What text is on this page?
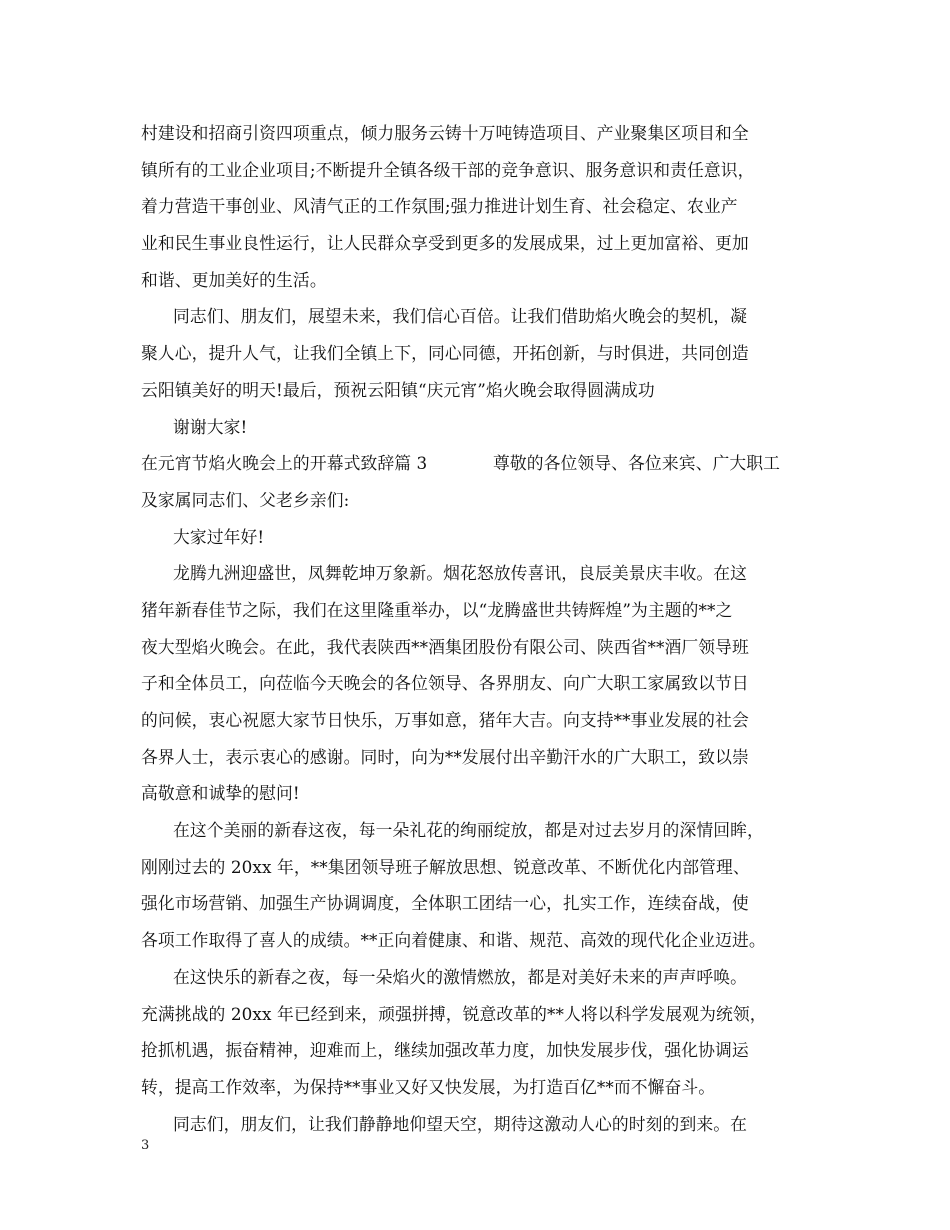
村建设和招商引资四项重点，倾力服务云铸十万吨铸造项目、产业聚集区项目和全
镇所有的工业企业项目;不断提升全镇各级干部的竞争意识、服务意识和责任意识，
着力营造干事创业、风清气正的工作氛围;强力推进计划生育、社会稳定、农业产
业和民生事业良性运行，让人民群众享受到更多的发展成果，过上更加富裕、更加
和谐、更加美好的生活。
同志们、朋友们，展望未来，我们信心百倍。让我们借助焰火晚会的契机，凝
聚人心，提升人气，让我们全镇上下，同心同德，开拓创新，与时俱进，共同创造
云阳镇美好的明天!最后，预祝云阳镇“庆元宵”焰火晚会取得圆满成功
谢谢大家!
在元宵节焰火晚会上的开幕式致辞篇 3	尊敬的各位领导、各位来宾、广大职工
及家属同志们、父老乡亲们:
大家过年好!
龙腾九洲迎盛世，凤舞乾坤万象新。烟花怒放传喜讯，良辰美景庆丰收。在这
猪年新春佳节之际，我们在这里隆重举办，以“龙腾盛世共铸辉煌”为主题的**之
夜大型焰火晚会。在此，我代表陕西**酒集团股份有限公司、陕西省**酒厂领导班
子和全体员工，向莅临今天晚会的各位领导、各界朋友、向广大职工家属致以节日
的问候，衷心祝愿大家节日快乐，万事如意，猪年大吉。向支持**事业发展的社会
各界人士，表示衷心的感谢。同时，向为**发展付出辛勤汗水的广大职工，致以崇
高敬意和诚挚的慰问!
在这个美丽的新春这夜，每一朵礼花的绚丽绽放，都是对过去岁月的深情回眸，
刚刚过去的 20xx 年，**集团领导班子解放思想、锐意改革、不断优化内部管理、
强化市场营销、加强生产协调调度，全体职工团结一心，扎实工作，连续奋战，使
各项工作取得了喜人的成绩。**正向着健康、和谐、规范、高效的现代化企业迈进。
在这快乐的新春之夜，每一朵焰火的激情燃放，都是对美好未来的声声呼唤。
充满挑战的 20xx 年已经到来，顽强拼搏，锐意改革的**人将以科学发展观为统领，
抢抓机遇，振奋精神，迎难而上，继续加强改革力度，加快发展步伐，强化协调运
转，提高工作效率，为保持**事业又好又快发展，为打造百亿**而不懈奋斗。
同志们，朋友们，让我们静静地仰望天空，期待这激动人心的时刻的到来。在
3
